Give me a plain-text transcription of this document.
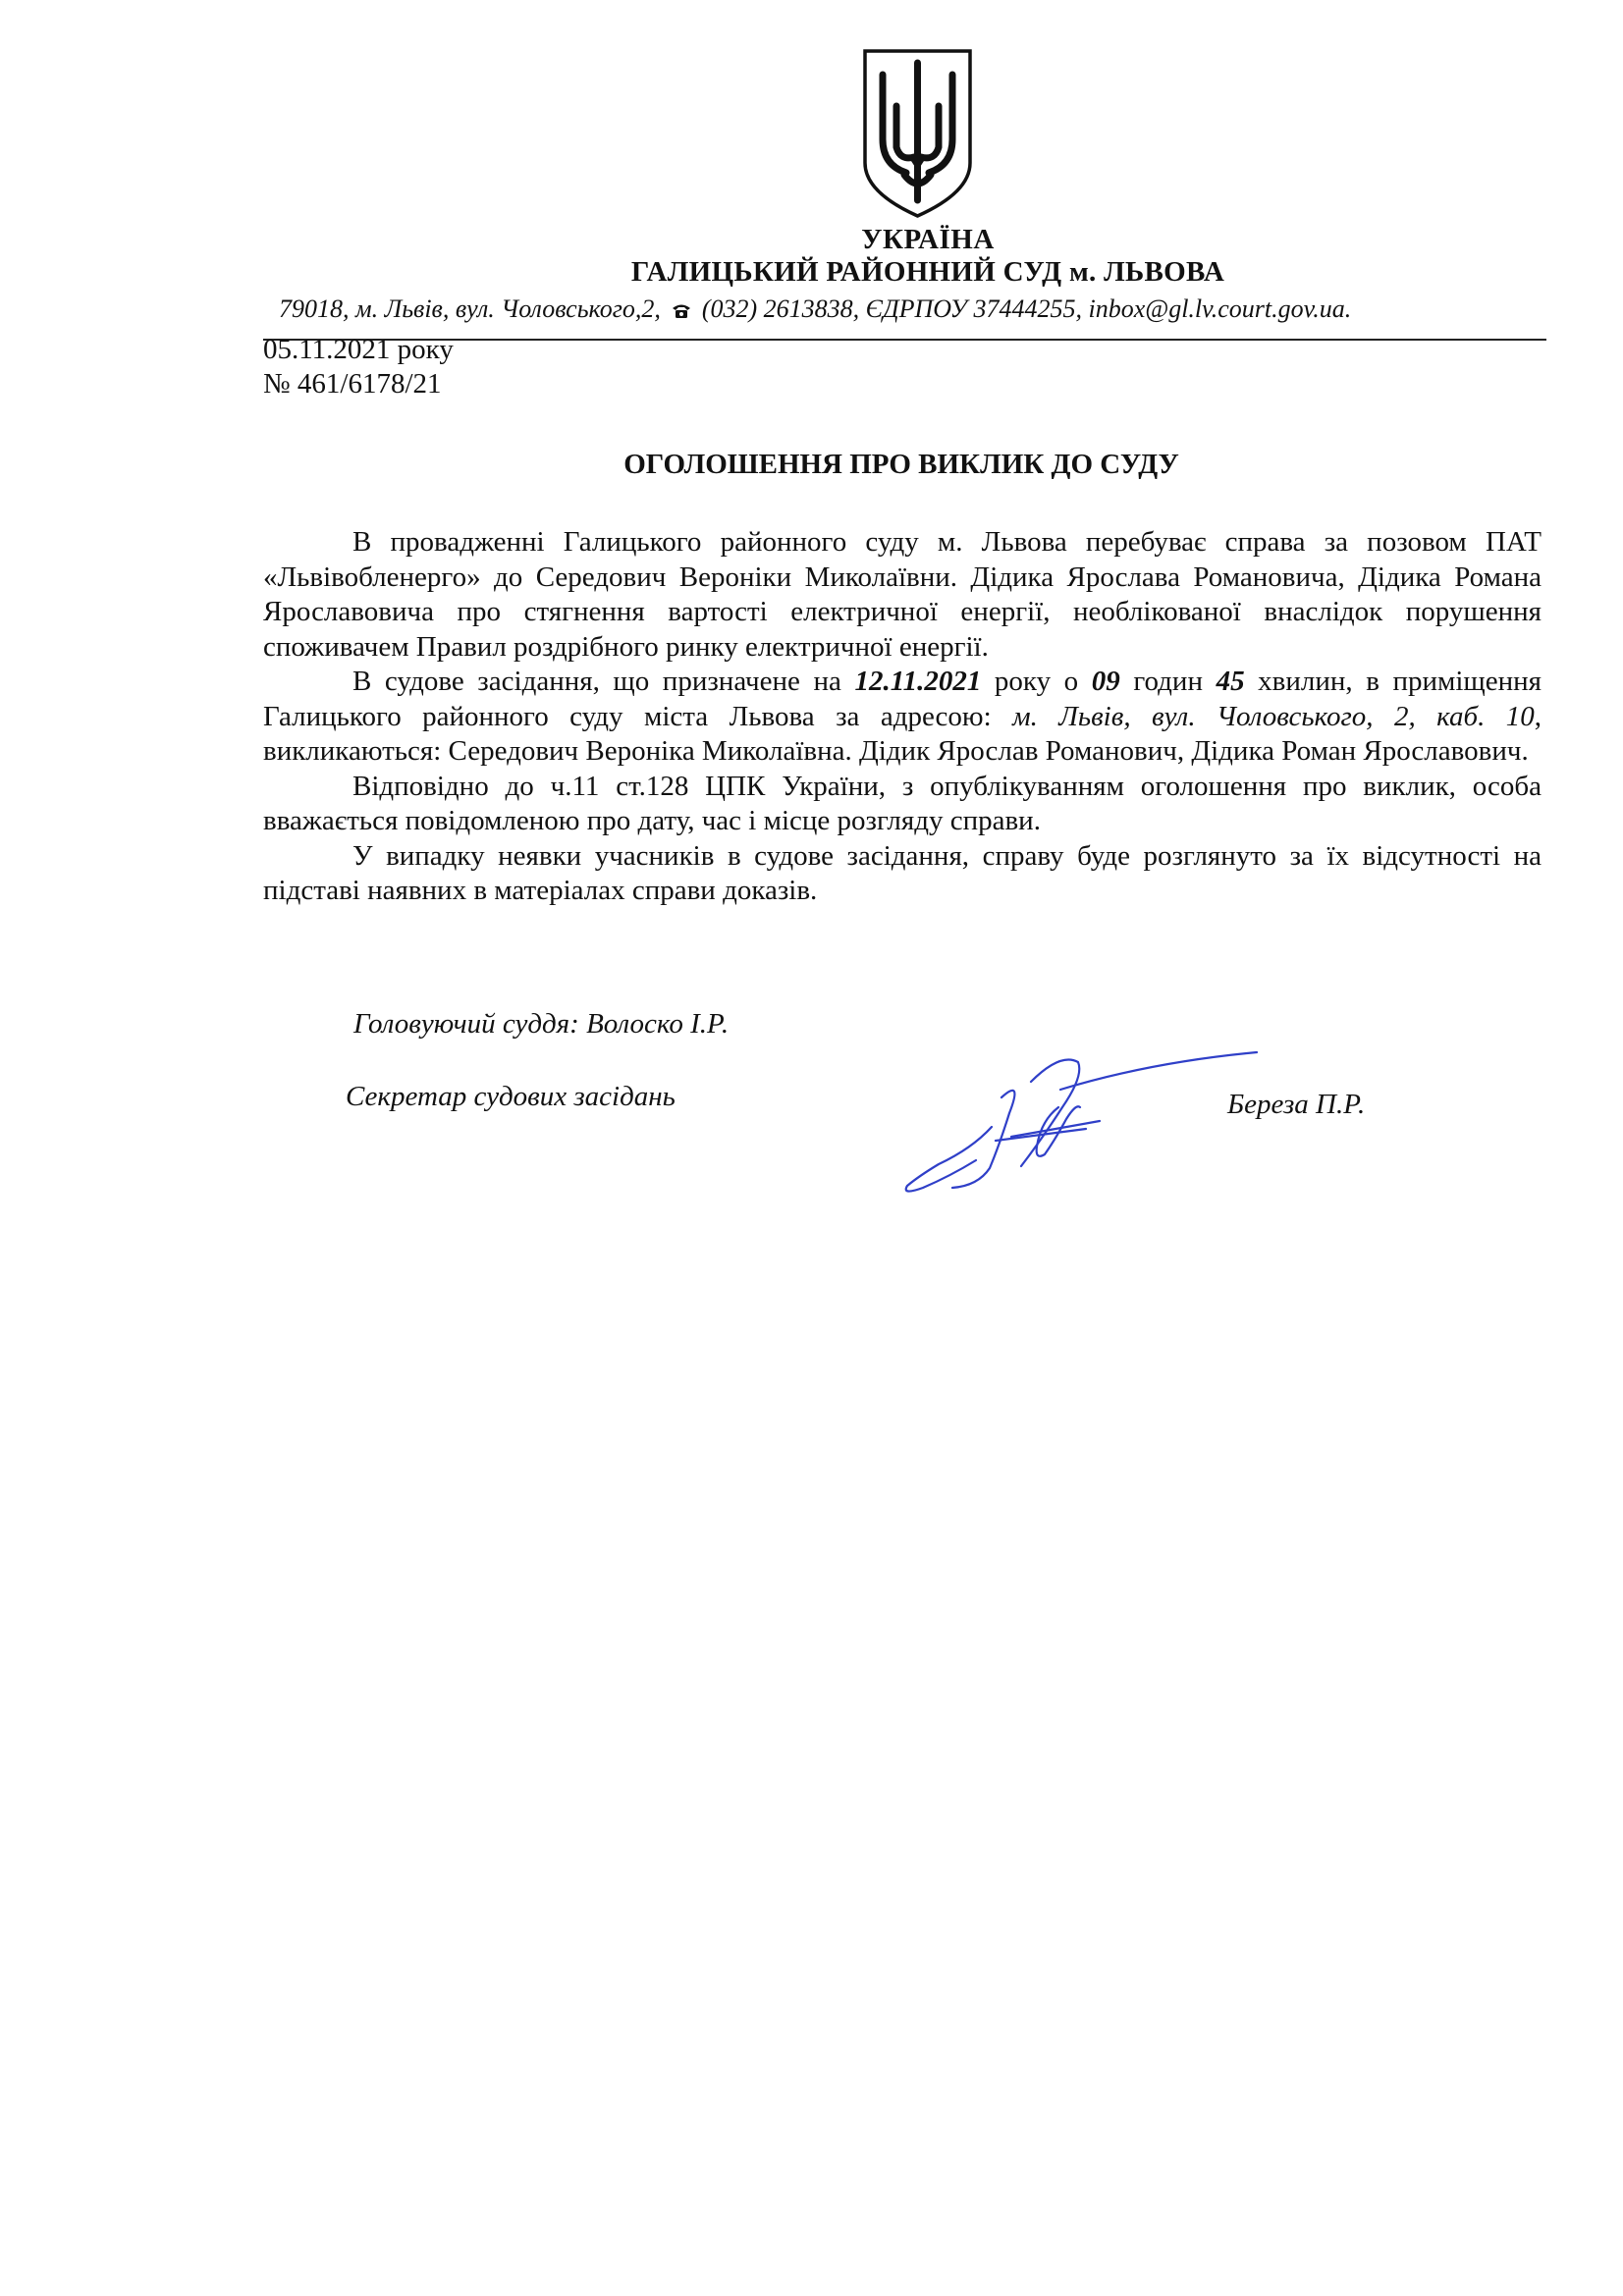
УКРАЇНА
ГАЛИЦЬКИЙ РАЙОННИЙ СУД м. ЛЬВОВА
79018, м. Львів, вул. Чоловського,2, (032) 2613838, ЄДРПОУ 37444255, inbox@gl.lv.court.gov.ua.
05.11.2021 року
№ 461/6178/21
ОГОЛОШЕННЯ ПРО ВИКЛИК ДО СУДУ

В провадженні Галицького районного суду м. Львова перебуває справа за позовом ПАТ «Львівобленерго» до Середович Вероніки Миколаївни. Дідика Ярослава Романовича, Дідика Романа Ярославовича про стягнення вартості електричної енергії, необлікованої внаслідок порушення споживачем Правил роздрібного ринку електричної енергії.

В судове засідання, що призначене на 12.11.2021 року о 09 годин 45 хвилин, в приміщення Галицького районного суду міста Львова за адресою: м. Львів, вул. Чоловського, 2, каб. 10, викликаються: Середович Вероніка Миколаївна. Дідик Ярослав Романович, Дідика Роман Ярославович.

Відповідно до ч.11 ст.128 ЦПК України, з опублікуванням оголошення про виклик, особа вважається повідомленою про дату, час і місце розгляду справи.

У випадку неявки учасників в судове засідання, справу буде розглянуто за їх відсутності на підставі наявних в матеріалах справи доказів.

Головуючий суддя: Волоско І.Р.
Секретар судових засідань	Береза П.Р.
